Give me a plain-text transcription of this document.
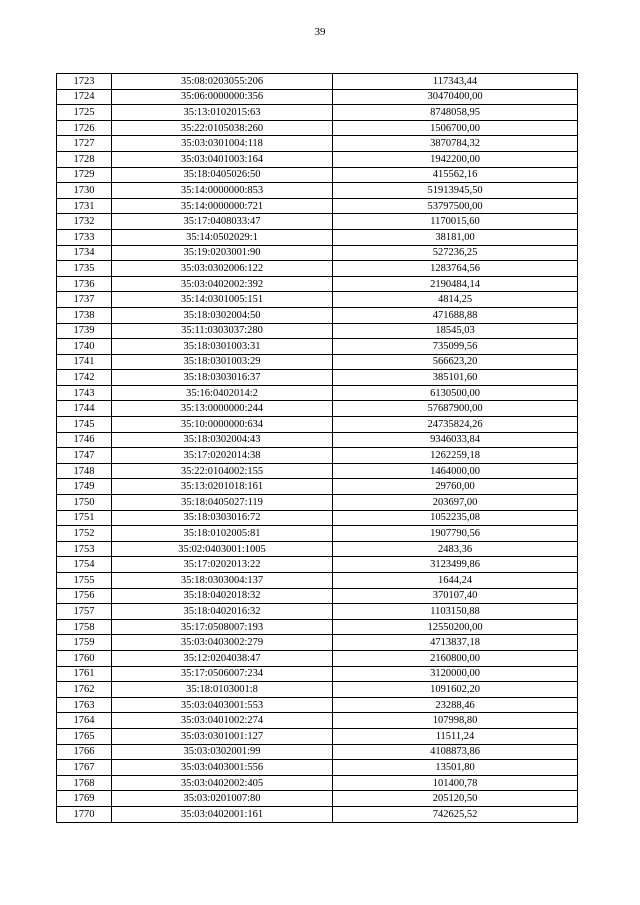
39
1723	35:08:0203055:206	117343,44
1724	35:06:0000000:356	30470400,00
1725	35:13:0102015:63	8748058,95
1726	35:22:0105038:260	1506700,00
1727	35:03:0301004:118	3870784,32
1728	35:03:0401003:164	1942200,00
1729	35:18:0405026:50	415562,16
1730	35:14:0000000:853	51913945,50
1731	35:14:0000000:721	53797500,00
1732	35:17:0408033:47	1170015,60
1733	35:14:0502029:1	38181,00
1734	35:19:0203001:90	527236,25
1735	35:03:0302006:122	1283764,56
1736	35:03:0402002:392	2190484,14
1737	35:14:0301005:151	4814,25
1738	35:18:0302004:50	471688,88
1739	35:11:0303037:280	18545,03
1740	35:18:0301003:31	735099,56
1741	35:18:0301003:29	566623,20
1742	35:18:0303016:37	385101,60
1743	35:16:0402014:2	6130500,00
1744	35:13:0000000:244	57687900,00
1745	35:10:0000000:634	24735824,26
1746	35:18:0302004:43	9346033,84
1747	35:17:0202014:38	1262259,18
1748	35:22:0104002:155	1464000,00
1749	35:13:0201018:161	29760,00
1750	35:18:0405027:119	203697,00
1751	35:18:0303016:72	1052235,08
1752	35:18:0102005:81	1907790,56
1753	35:02:0403001:1005	2483,36
1754	35:17:0202013:22	3123499,86
1755	35:18:0303004:137	1644,24
1756	35:18:0402018:32	370107,40
1757	35:18:0402016:32	1103150,88
1758	35:17:0508007:193	12550200,00
1759	35:03:0403002:279	4713837,18
1760	35:12:0204038:47	2160800,00
1761	35:17:0506007:234	3120000,00
1762	35:18:0103001:8	1091602,20
1763	35:03:0403001:553	23288,46
1764	35:03:0401002:274	107998,80
1765	35:03:0301001:127	11511,24
1766	35:03:0302001:99	4108873,86
1767	35:03:0403001:556	13501,80
1768	35:03:0402002:405	101400,78
1769	35:03:0201007:80	205120,50
1770	35:03:0402001:161	742625,52
